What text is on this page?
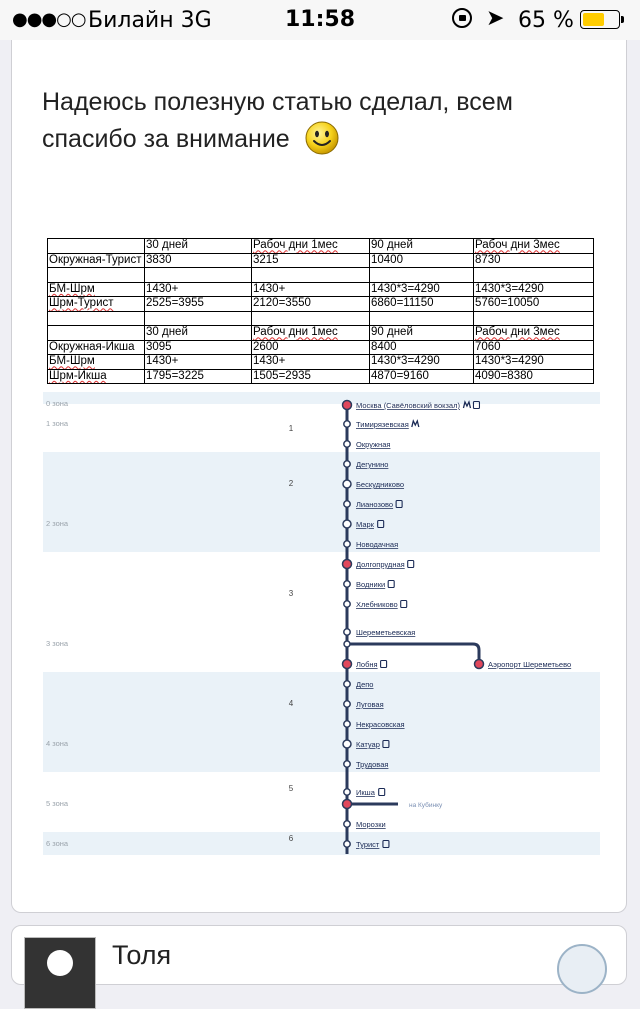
●●●○○ Билайн 3G	11:58	➤ 65 %
Надеюсь полезную статью сделал, всем спасибо за внимание
	30 дней	Рабоч дни 1мес	90 дней	Рабоч дни 3мес
Окружная-Турист	3830	3215	10400	8730

БМ-Шрм	1430+	1430+	1430*3=4290	1430*3=4290
Шрм-Турист	2525=3955	2120=3550	6860=11150	5760=10050

	30 дней	Рабоч дни 1мес	90 дней	Рабоч дни 3мес
Окружная-Икша	3095	2600	8400	7060
БМ-Шрм	1430+	1430+	1430*3=4290	1430*3=4290
Шрм-Икша	1795=3225	1505=2935	4870=9160	4090=8380
0 зона
1 зона
1
2 зона
2
3 зона
3
4 зона
4
5 зона
5
6 зона
6
на Кубинку
Москва (Савёловский вокзал)
Тимирязевская
Окружная
Дегунино
Бескудниково
Лианозово
Марк
Новодачная
Долгопрудная
Водники
Хлебниково
Шереметьевская
Лобня
Депо
Луговая
Некрасовская
Катуар
Трудовая
Икша
Морозки
Турист
Аэропорт Шереметьево
Толя
